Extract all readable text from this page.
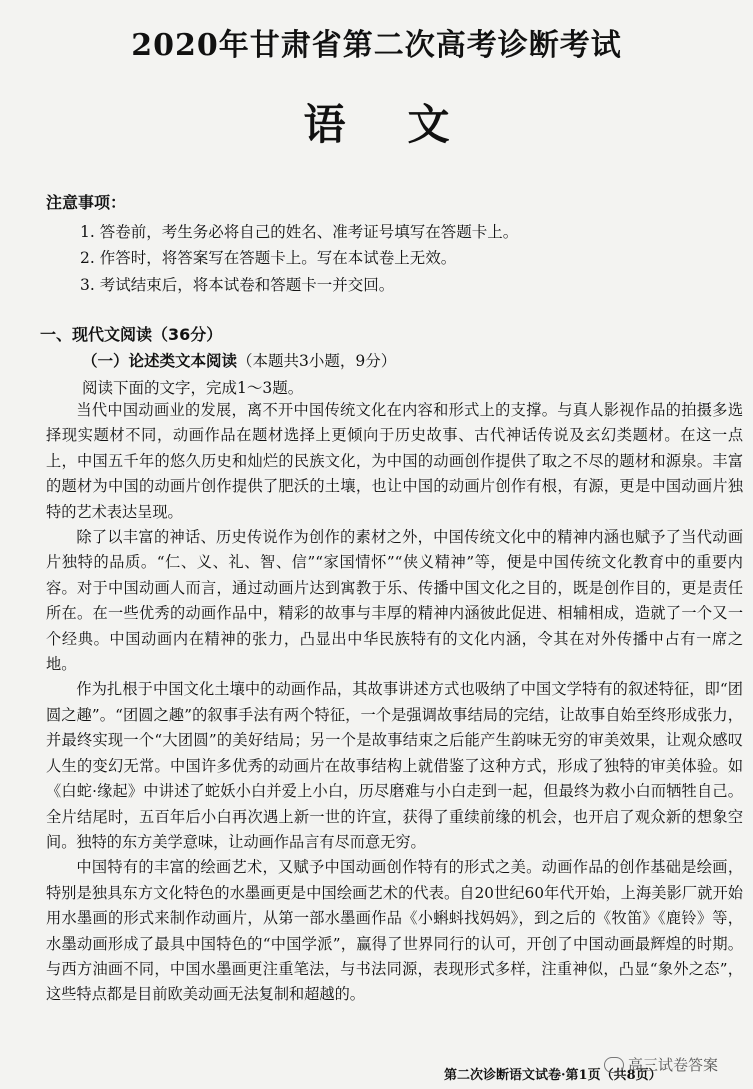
2020年甘肃省第二次高考诊断考试
语文
注意事项：
1. 答卷前，考生务必将自己的姓名、准考证号填写在答题卡上。
2. 作答时，将答案写在答题卡上。写在本试卷上无效。
3. 考试结束后，将本试卷和答题卡一并交回。
一、现代文阅读（36分）
（一）论述类文本阅读（本题共3小题，9分）
阅读下面的文字，完成1～3题。

当代中国动画业的发展，离不开中国传统文化在内容和形式上的支撑。与真人影视作品的拍摄多选择现实题材不同，动画作品在题材选择上更倾向于历史故事、古代神话传说及玄幻类题材。在这一点上，中国五千年的悠久历史和灿烂的民族文化，为中国的动画创作提供了取之不尽的题材和源泉。丰富的题材为中国的动画片创作提供了肥沃的土壤，也让中国的动画片创作有根，有源，更是中国动画片独特的艺术表达呈现。

除了以丰富的神话、历史传说作为创作的素材之外，中国传统文化中的精神内涵也赋予了当代动画片独特的品质。“仁、义、礼、智、信”“家国情怀”“侠义精神”等，便是中国传统文化教育中的重要内容。对于中国动画人而言，通过动画片达到寓教于乐、传播中国文化之目的，既是创作目的，更是责任所在。在一些优秀的动画作品中，精彩的故事与丰厚的精神内涵彼此促进、相辅相成，造就了一个又一个经典。中国动画内在精神的张力，凸显出中华民族特有的文化内涵，令其在对外传播中占有一席之地。

作为扎根于中国文化土壤中的动画作品，其故事讲述方式也吸纳了中国文学特有的叙述特征，即“团圆之趣”。“团圆之趣”的叙事手法有两个特征，一个是强调故事结局的完结，让故事自始至终形成张力，并最终实现一个“大团圆”的美好结局；另一个是故事结束之后能产生韵味无穷的审美效果，让观众感叹人生的变幻无常。中国许多优秀的动画片在故事结构上就借鉴了这种方式，形成了独特的审美体验。如《白蛇·缘起》中讲述了蛇妖小白并爱上小白，历尽磨难与小白走到一起，但最终为救小白而牺牲自己。全片结尾时，五百年后小白再次遇上新一世的许宣，获得了重续前缘的机会，也开启了观众新的想象空间。独特的东方美学意味，让动画作品言有尽而意无穷。

中国特有的丰富的绘画艺术，又赋予中国动画创作特有的形式之美。动画作品的创作基础是绘画，特别是独具东方文化特色的水墨画更是中国绘画艺术的代表。自20世纪60年代开始，上海美影厂就开始用水墨画的形式来制作动画片，从第一部水墨画作品《小蝌蚪找妈妈》，到之后的《牧笛》《鹿铃》等，水墨动画形成了最具中国特色的“中国学派”，赢得了世界同行的认可，开创了中国动画最辉煌的时期。与西方油画不同，中国水墨画更注重笔法，与书法同源，表现形式多样，注重神似，凸显“象外之态”，这些特点都是目前欧美动画无法复制和超越的。

第二次诊断语文试卷·第1页（共8页）
高三试卷答案
